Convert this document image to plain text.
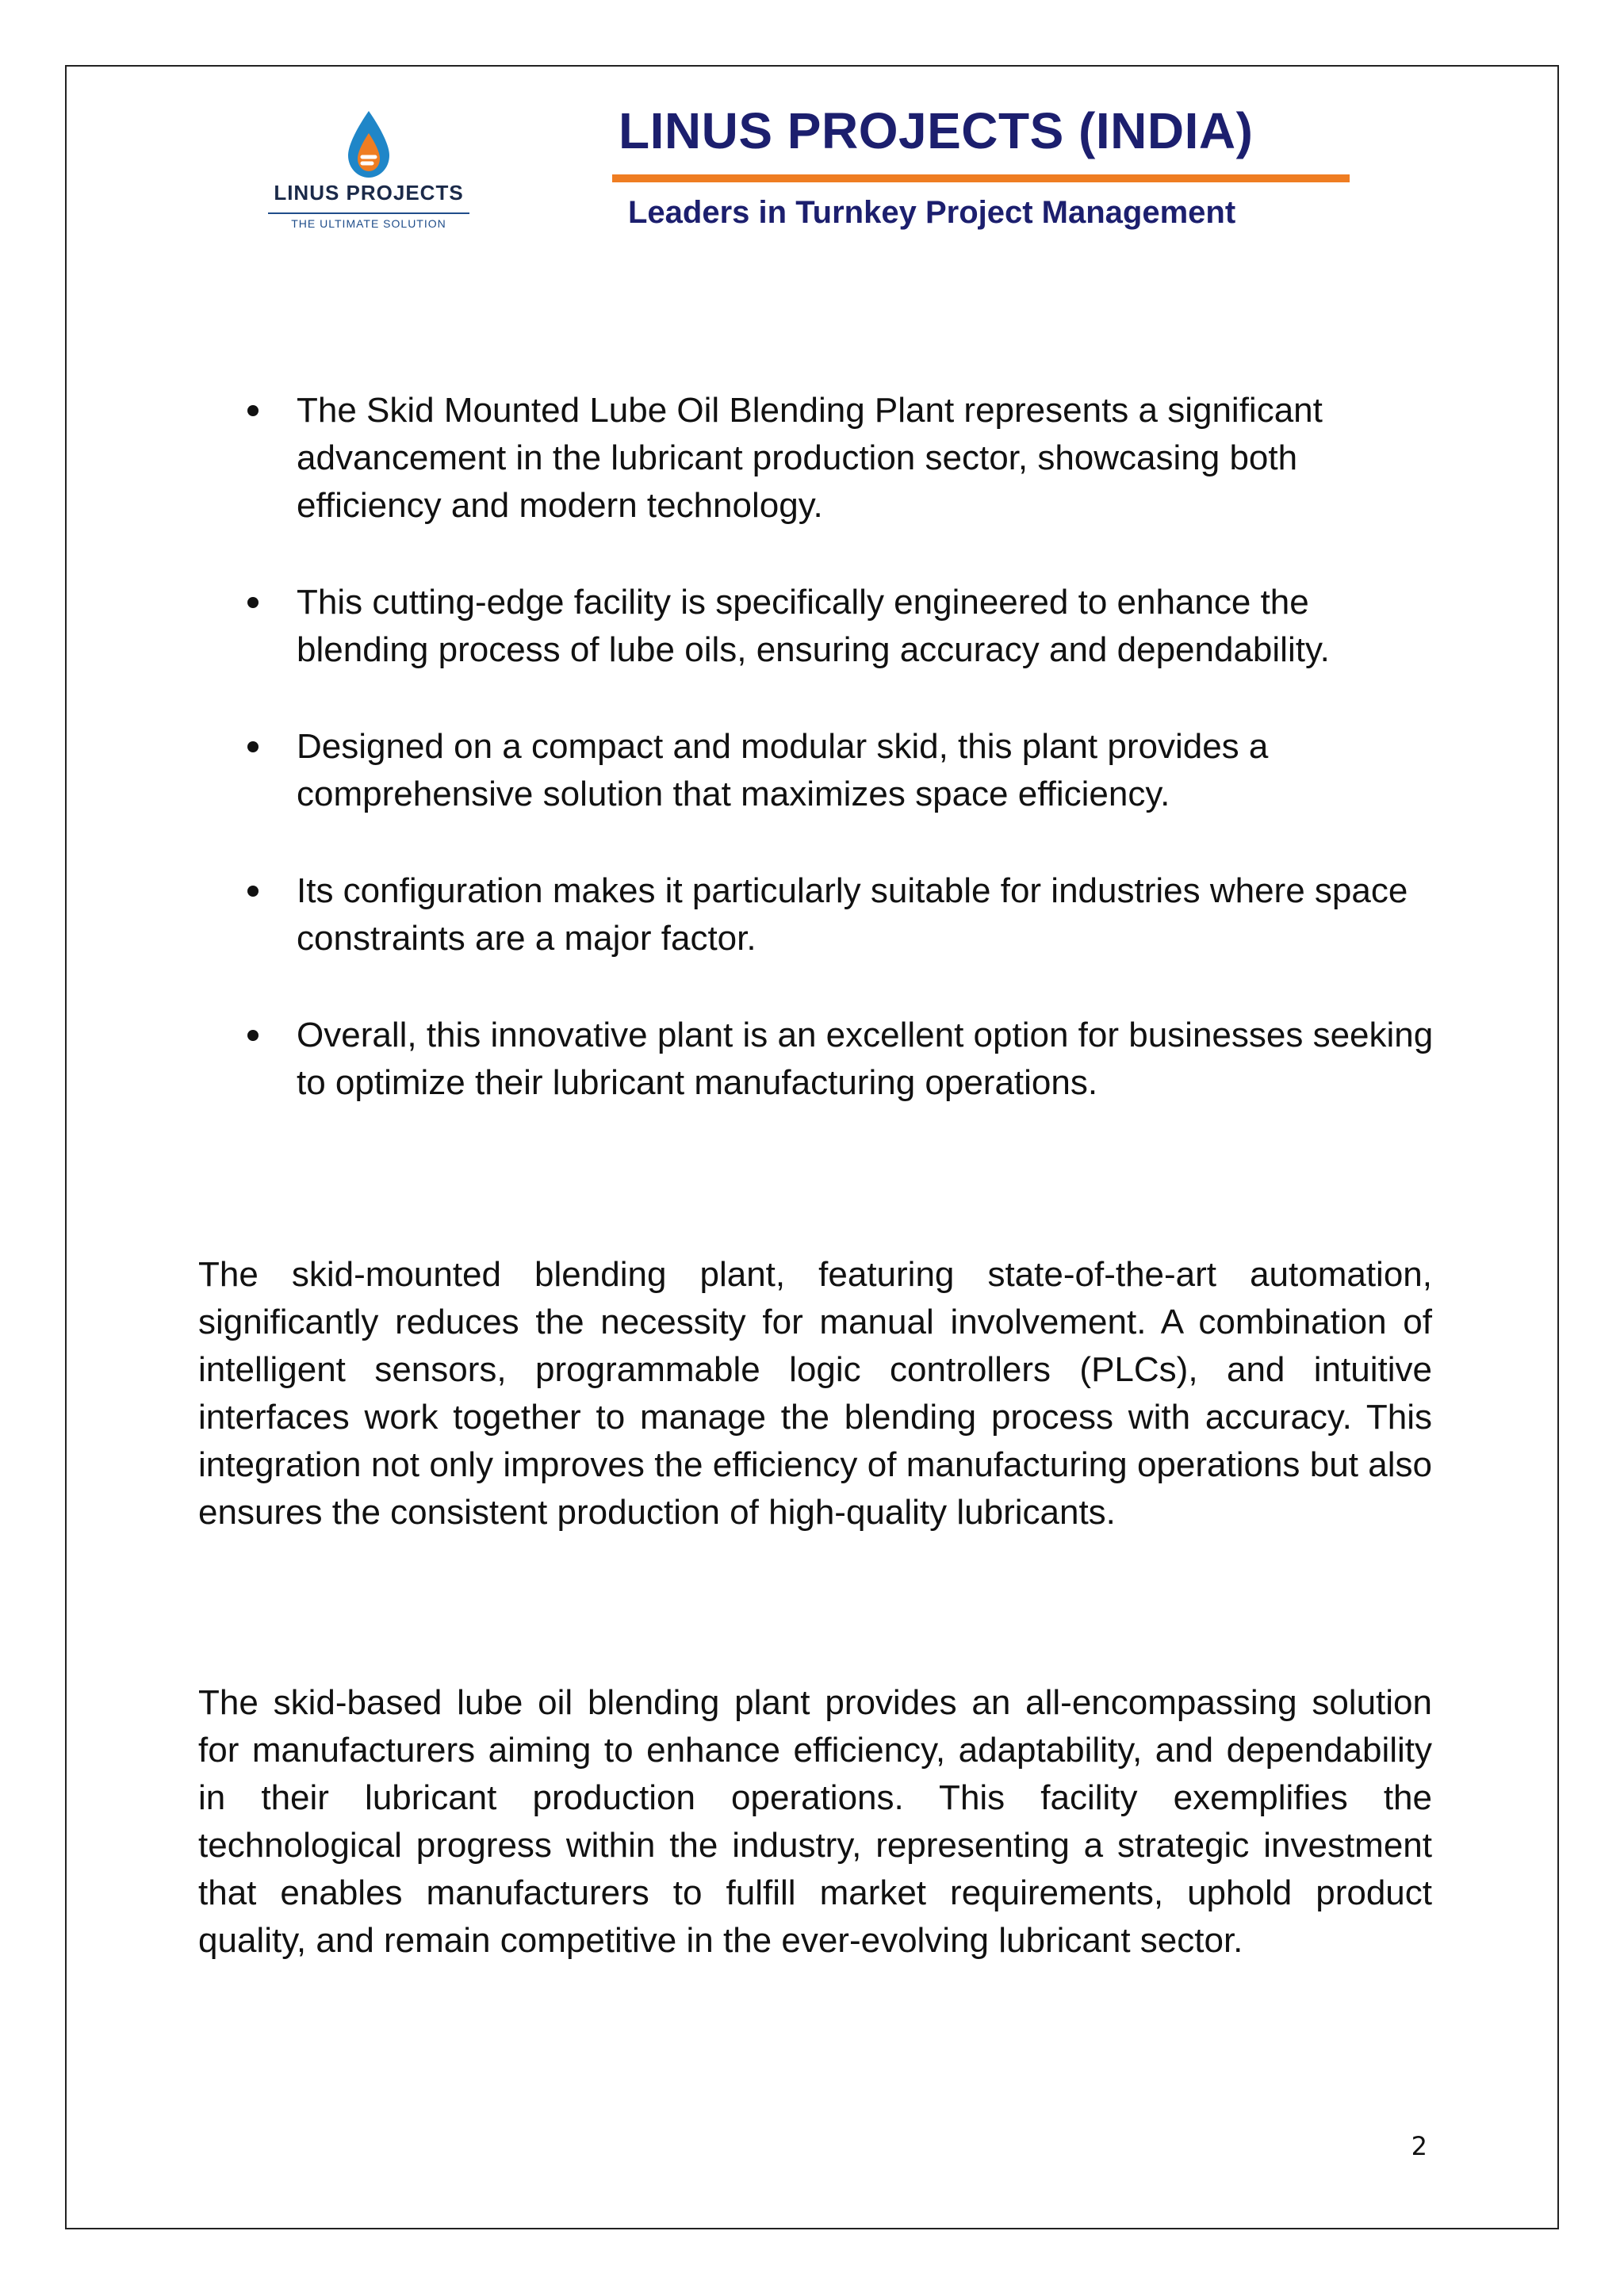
LINUS PROJECTS
THE ULTIMATE SOLUTION
LINUS PROJECTS (INDIA)
Leaders in Turnkey Project Management
The Skid Mounted Lube Oil Blending Plant represents a significant advancement in the lubricant production sector, showcasing both efficiency and modern technology.
This cutting-edge facility is specifically engineered to enhance the blending process of lube oils, ensuring accuracy and dependability.
Designed on a compact and modular skid, this plant provides a comprehensive solution that maximizes space efficiency.
Its configuration makes it particularly suitable for industries where space constraints are a major factor.
Overall, this innovative plant is an excellent option for businesses seeking to optimize their lubricant manufacturing operations.

The skid-mounted blending plant, featuring state-of-the-art automation, significantly reduces the necessity for manual involvement. A combination of intelligent sensors, programmable logic controllers (PLCs), and intuitive interfaces work together to manage the blending process with accuracy. This integration not only improves the efficiency of manufacturing operations but also ensures the consistent production of high-quality lubricants.

The skid-based lube oil blending plant provides an all-encompassing solution for manufacturers aiming to enhance efficiency, adaptability, and dependability in their lubricant production operations. This facility exemplifies the technological progress within the industry, representing a strategic investment that enables manufacturers to fulfill market requirements, uphold product quality, and remain competitive in the ever-evolving lubricant sector.

2
